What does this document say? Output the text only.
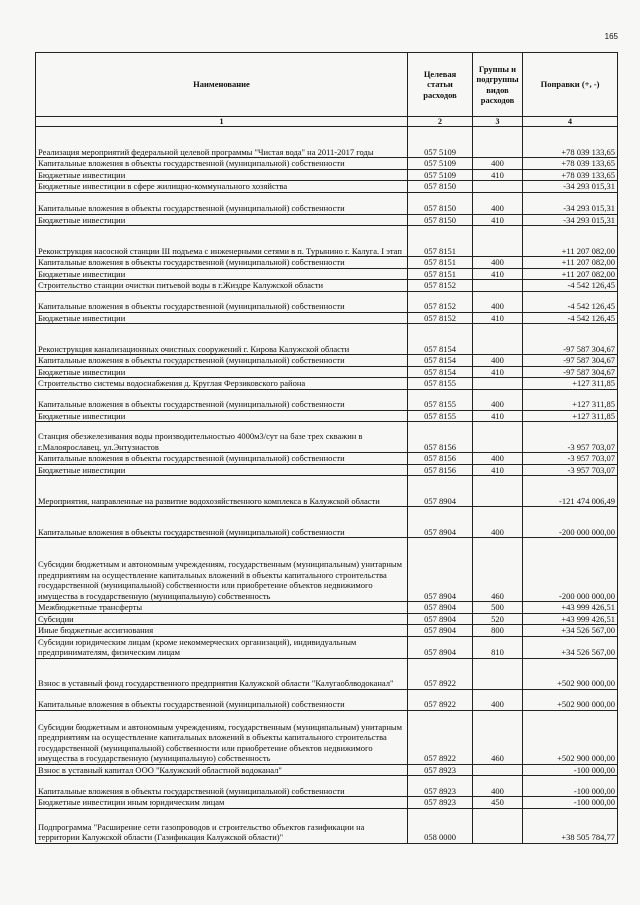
165
Наименование	Целевая статьи расходов	Группы и подгруппы видов расходов	Поправки (+, -)
1	2	3	4
Реализация мероприятий федеральной целевой программы "Чистая вода" на 2011-2017 годы	057 5109		+78 039 133,65
Капитальные вложения в объекты государственной (муниципальной) собственности	057 5109	400	+78 039 133,65
Бюджетные инвестиции	057 5109	410	+78 039 133,65
Бюджетные инвестиции в сфере жилищно-коммунального хозяйства	057 8150		-34 293 015,31
Капитальные вложения в объекты государственной (муниципальной) собственности	057 8150	400	-34 293 015,31
Бюджетные инвестиции	057 8150	410	-34 293 015,31
Реконструкция насосной станции III подъема с инженерными сетями в п. Турынино г. Калуга. I этап	057 8151		+11 207 082,00
Капитальные вложения в объекты государственной (муниципальной) собственности	057 8151	400	+11 207 082,00
Бюджетные инвестиции	057 8151	410	+11 207 082,00
Строительство станции очистки питьевой воды в г.Жиздре Калужской области	057 8152		-4 542 126,45
Капитальные вложения в объекты государственной (муниципальной) собственности	057 8152	400	-4 542 126,45
Бюджетные инвестиции	057 8152	410	-4 542 126,45
Реконструкция канализационных очистных сооружений г. Кирова Калужской области	057 8154		-97 587 304,67
Капитальные вложения в объекты государственной (муниципальной) собственности	057 8154	400	-97 587 304,67
Бюджетные инвестиции	057 8154	410	-97 587 304,67
Строительство системы водоснабжения д. Круглая Ферзиковского района	057 8155		+127 311,85
Капитальные вложения в объекты государственной (муниципальной) собственности	057 8155	400	+127 311,85
Бюджетные инвестиции	057 8155	410	+127 311,85
Станция обезжелезивания воды производительностью 4000м3/сут на базе трех скважин в г.Малоярославец, ул.Энтузиастов	057 8156		-3 957 703,07
Капитальные вложения в объекты государственной (муниципальной) собственности	057 8156	400	-3 957 703,07
Бюджетные инвестиции	057 8156	410	-3 957 703,07
Мероприятия, направленные на развитие водохозяйственного комплекса в Калужской области	057 8904		-121 474 006,49
Капитальные вложения в объекты государственной (муниципальной) собственности	057 8904	400	-200 000 000,00
Субсидии бюджетным и автономным учреждениям, государственным (муниципальным) унитарным предприятиям на осуществление капитальных вложений в объекты капитального строительства государственной (муниципальной) собственности или приобретение объектов недвижимого имущества в государственную (муниципальную) собственность	057 8904	460	-200 000 000,00
Межбюджетные трансферты	057 8904	500	+43 999 426,51
Субсидии	057 8904	520	+43 999 426,51
Иные бюджетные ассигнования	057 8904	800	+34 526 567,00
Субсидии юридическим лицам (кроме некоммерческих организаций), индивидуальным предпринимателям, физическим лицам	057 8904	810	+34 526 567,00
Взнос в уставный фонд государственного предприятия Калужской области "Калугаоблводоканал"	057 8922		+502 900 000,00
Капитальные вложения в объекты государственной (муниципальной) собственности	057 8922	400	+502 900 000,00
Субсидии бюджетным и автономным учреждениям, государственным (муниципальным) унитарным предприятиям на осуществление капитальных вложений в объекты капитального строительства государственной (муниципальной) собственности или приобретение объектов недвижимого имущества в государственную (муниципальную) собственность	057 8922	460	+502 900 000,00
Взнос в уставный капитал ООО "Калужский областной водоканал"	057 8923		-100 000,00
Капитальные вложения в объекты государственной (муниципальной) собственности	057 8923	400	-100 000,00
Бюджетные инвестиции иным юридическим лицам	057 8923	450	-100 000,00
Подпрограмма "Расширение сети газопроводов и строительство объектов газификации на территории Калужской области (Газификация Калужской области)"	058 0000		+38 505 784,77
